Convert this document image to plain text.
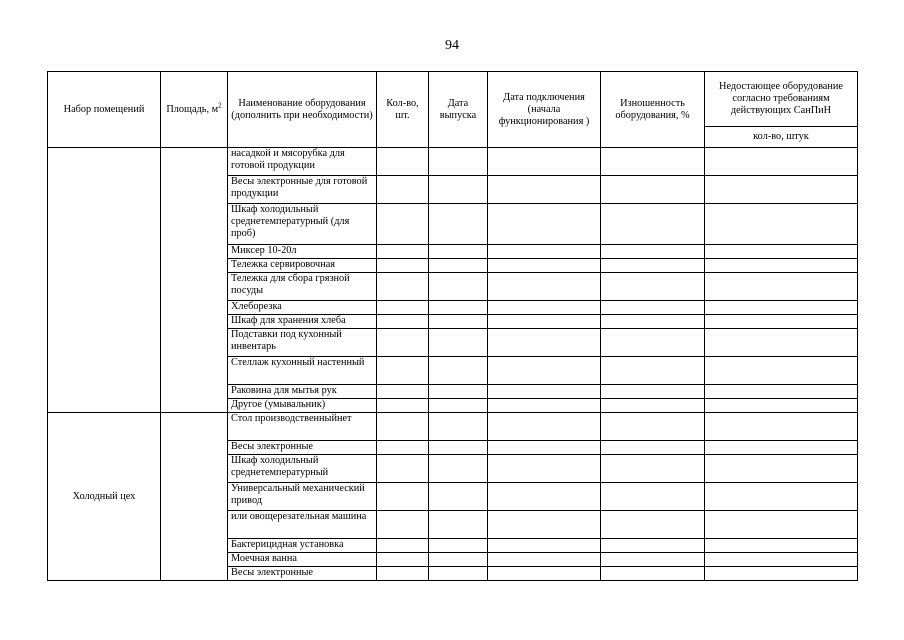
94
Набор помещений	Площадь, $м^2$	Наименование оборудования (дополнить при необходимости)	Кол-во, шт.	Дата выпуска	Дата подключения (начала функционирования )	Изношенность оборудования, %	Недостающее оборудование согласно требованиям действующих СанПиН
							кол-во, штук
		насадкой и мясорубка для готовой продукции					
		Весы электронные для готовой продукции					
		Шкаф холодильный среднетемпературный (для проб)					
		Миксер 10-20л					
		Тележка сервировочная					
		Тележка для сбора грязной посуды					
		Хлеборезка					
		Шкаф для хранения хлеба					
		Подставки под кухонный инвентарь					
		Стеллаж кухонный настенный					
		Раковина для мытья рук					
		Другое (умывальник)					
Холодный цех		Стол производственныйнет					
		Весы электронные					
		Шкаф холодильный среднетемпературный					
		Универсальный механический привод					
		или овощерезательная машина					
		Бактерицидная установка					
		Моечная ванна					
		Весы электронные					
